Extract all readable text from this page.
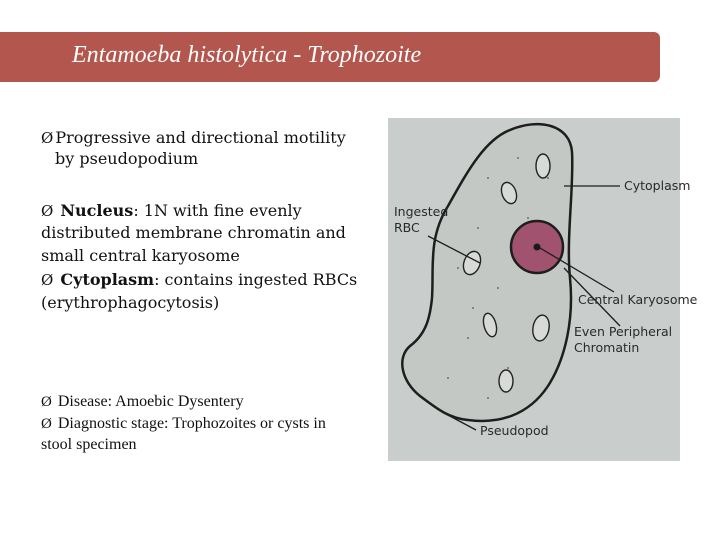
Entamoeba histolytica - Trophozoite
Ø Progressive and directional motility
by pseudopodium
Ø Nucleus: 1N with fine evenly
distributed membrane chromatin and
small central karyosome
Ø Cytoplasm: contains ingested RBCs
(erythrophagocytosis)
Ø Disease: Amoebic Dysentery
Ø Diagnostic stage: Trophozoites or cysts in
stool specimen
Cytoplasm
Ingested
RBC
Central Karyosome
Even Peripheral
Chromatin
Pseudopod
